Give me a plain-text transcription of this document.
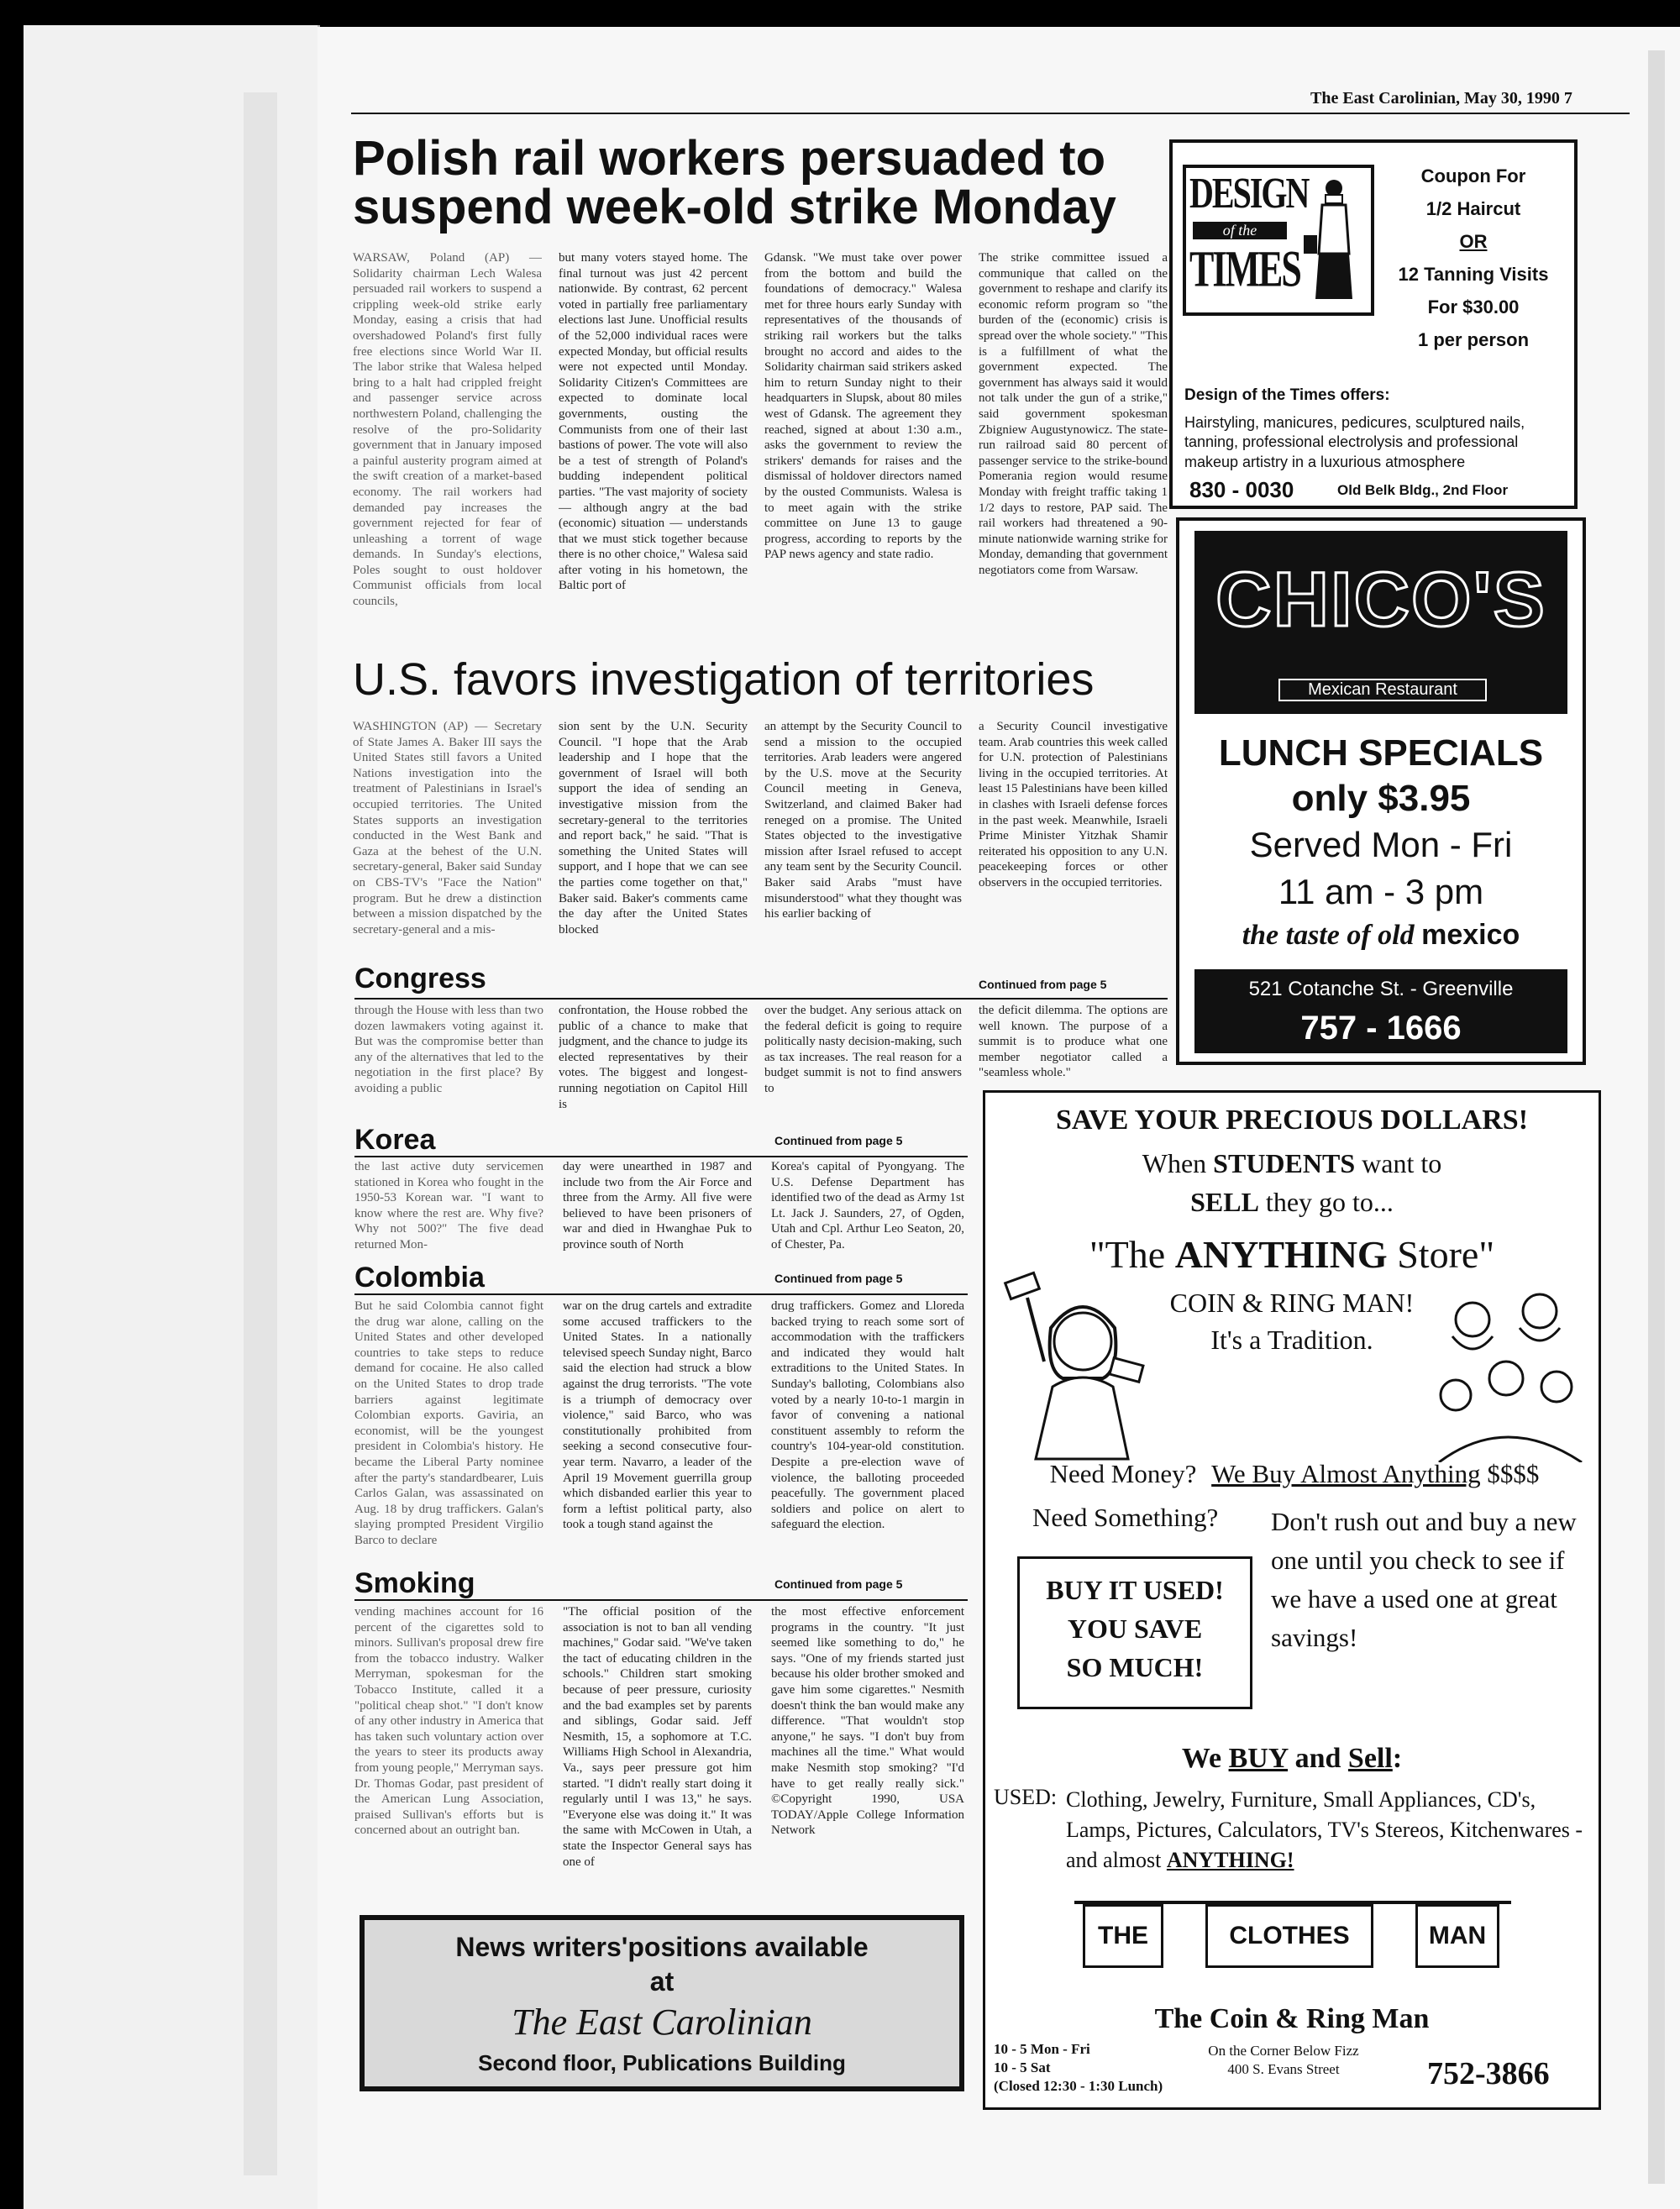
The East Carolinian, May 30, 1990 7
Polish rail workers persuaded to suspend week-old strike Monday
WARSAW, Poland (AP) — Solidarity chairman Lech Walesa persuaded rail workers to suspend a crippling week-old strike early Monday, easing a crisis that had overshadowed Poland's first fully free elections since World War II. The labor strike that Walesa helped bring to a halt had crippled freight and passenger service across northwestern Poland, challenging the resolve of the pro-Solidarity government that in January imposed a painful austerity program aimed at the swift creation of a market-based economy. The rail workers had demanded pay increases the government rejected for fear of unleashing a torrent of wage demands. In Sunday's elections, Poles sought to oust holdover Communist officials from local councils,
but many voters stayed home. The final turnout was just 42 percent nationwide. By contrast, 62 percent voted in partially free parliamentary elections last June. Unofficial results of the 52,000 individual races were expected Monday, but official results were not expected until Monday. Solidarity Citizen's Committees are expected to dominate local governments, ousting the Communists from one of their last bastions of power. The vote will also be a test of strength of Poland's budding independent political parties. "The vast majority of society — although angry at the bad (economic) situation — understands that we must stick together because there is no other choice," Walesa said after voting in his hometown, the Baltic port of
Gdansk. "We must take over power from the bottom and build the foundations of democracy." Walesa met for three hours early Sunday with representatives of the thousands of striking rail workers but the talks brought no accord and aides to the Solidarity chairman said strikers asked him to return Sunday night to their headquarters in Slupsk, about 80 miles west of Gdansk. The agreement they reached, signed at about 1:30 a.m., asks the government to review the strikers' demands for raises and the dismissal of holdover directors named by the ousted Communists. Walesa is to meet again with the strike committee on June 13 to gauge progress, according to reports by the PAP news agency and state radio.
The strike committee issued a communique that called on the government to reshape and clarify its economic reform program so "the burden of the (economic) crisis is spread over the whole society." "This is a fulfillment of what the government expected. The government has always said it would not talk under the gun of a strike," said government spokesman Zbigniew Augustynowicz. The state-run railroad said 80 percent of passenger service to the strike-bound Pomerania region would resume Monday with freight traffic taking 1 1/2 days to restore, PAP said. The rail workers had threatened a 90-minute nationwide warning strike for Monday, demanding that government negotiators come from Warsaw.
U.S. favors investigation of territories
WASHINGTON (AP) — Secretary of State James A. Baker III says the United States still favors a United Nations investigation into the treatment of Palestinians in Israel's occupied territories. The United States supports an investigation conducted in the West Bank and Gaza at the behest of the U.N. secretary-general, Baker said Sunday on CBS-TV's "Face the Nation" program. But he drew a distinction between a mission dispatched by the secretary-general and a mis-
sion sent by the U.N. Security Council. "I hope that the Arab leadership and I hope that the government of Israel will both support the idea of sending an investigative mission from the secretary-general to the territories and report back," he said. "That is something the United States will support, and I hope that we can see the parties come together on that," Baker said. Baker's comments came the day after the United States blocked
an attempt by the Security Council to send a mission to the occupied territories. Arab leaders were angered by the U.S. move at the Security Council meeting in Geneva, Switzerland, and claimed Baker had reneged on a promise. The United States objected to the investigative mission after Israel refused to accept any team sent by the Security Council. Baker said Arabs "must have misunderstood" what they thought was his earlier backing of
a Security Council investigative team. Arab countries this week called for U.N. protection of Palestinians living in the occupied territories. At least 15 Palestinians have been killed in clashes with Israeli defense forces in the past week. Meanwhile, Israeli Prime Minister Yitzhak Shamir reiterated his opposition to any U.N. peacekeeping forces or other observers in the occupied territories.
Congress	Continued from page 5
through the House with less than two dozen lawmakers voting against it. But was the compromise better than any of the alternatives that led to the negotiation in the first place? By avoiding a public
confrontation, the House robbed the public of a chance to make that judgment, and the chance to judge its elected representatives by their votes. The biggest and longest-running negotiation on Capitol Hill is
over the budget. Any serious attack on the federal deficit is going to require politically nasty decision-making, such as tax increases. The real reason for a budget summit is not to find answers to
the deficit dilemma. The options are well known. The purpose of a summit is to produce what one member negotiator called a "seamless whole."
Korea	Continued from page 5
the last active duty servicemen stationed in Korea who fought in the 1950-53 Korean war. "I want to know where the rest are. Why five? Why not 500?" The five dead returned Mon-
day were unearthed in 1987 and include two from the Air Force and three from the Army. All five were believed to have been prisoners of war and died in Hwanghae Puk to province south of North
Korea's capital of Pyongyang. The U.S. Defense Department has identified two of the dead as Army 1st Lt. Jack J. Saunders, 27, of Ogden, Utah and Cpl. Arthur Leo Seaton, 20, of Chester, Pa.
Colombia	Continued from page 5
But he said Colombia cannot fight the drug war alone, calling on the United States and other developed countries to take steps to reduce demand for cocaine. He also called on the United States to drop trade barriers against legitimate Colombian exports. Gaviria, an economist, will be the youngest president in Colombia's history. He became the Liberal Party nominee after the party's standardbearer, Luis Carlos Galan, was assassinated on Aug. 18 by drug traffickers. Galan's slaying prompted President Virgilio Barco to declare
war on the drug cartels and extradite some accused traffickers to the United States. In a nationally televised speech Sunday night, Barco said the election had struck a blow against the drug terrorists. "The vote is a triumph of democracy over violence," said Barco, who was constitutionally prohibited from seeking a second consecutive four-year term. Navarro, a leader of the April 19 Movement guerrilla group which disbanded earlier this year to form a leftist political party, also took a tough stand against the
drug traffickers. Gomez and Lloreda backed trying to reach some sort of accommodation with the traffickers and indicated they would halt extraditions to the United States. In Sunday's balloting, Colombians also voted by a nearly 10-to-1 margin in favor of convening a national constituent assembly to reform the country's 104-year-old constitution. Despite a pre-election wave of violence, the balloting proceeded peacefully. The government placed soldiers and police on alert to safeguard the election.
Smoking	Continued from page 5
vending machines account for 16 percent of the cigarettes sold to minors. Sullivan's proposal drew fire from the tobacco industry. Walker Merryman, spokesman for the Tobacco Institute, called it a "political cheap shot." "I don't know of any other industry in America that has taken such voluntary action over the years to steer its products away from young people," Merryman says. Dr. Thomas Godar, past president of the American Lung Association, praised Sullivan's efforts but is concerned about an outright ban.
"The official position of the association is not to ban all vending machines," Godar said. "We've taken the tact of educating children in the schools." Children start smoking because of peer pressure, curiosity and the bad examples set by parents and siblings, Godar said. Jeff Nesmith, 15, a sophomore at T.C. Williams High School in Alexandria, Va., says peer pressure got him started. "I didn't really start doing it regularly until I was 13," he says. "Everyone else was doing it." It was the same with McCowen in Utah, a state the Inspector General says has one of
the most effective enforcement programs in the country. "It just seemed like something to do," he says. "One of my friends started just because his older brother smoked and gave him some cigarettes." Nesmith doesn't think the ban would make any difference. "That wouldn't stop anyone," he says. "I don't buy from machines all the time." What would make Nesmith stop smoking? "I'd have to get really really sick." ©Copyright 1990, USA TODAY/Apple College Information Network
News writers'positions available
at
The East Carolinian
Second floor, Publications Building
DESIGN
of the
TIMES
Coupon For
1/2 Haircut
OR
12 Tanning Visits
For $30.00
1 per person
Design of the Times offers:
Hairstyling, manicures, pedicures, sculptured nails, tanning, professional electrolysis and professional makeup artistry in a luxurious atmosphere
830 - 0030	Old Belk Bldg., 2nd Floor
CHICO'S
Mexican Restaurant
LUNCH SPECIALS
only $3.95
Served Mon - Fri
11 am - 3 pm
the taste of old mexico
521 Cotanche St. - Greenville
757 - 1666
SAVE YOUR PRECIOUS DOLLARS!
When STUDENTS want to
SELL they go to...
"The ANYTHING Store"
COIN & RING MAN!
It's a Tradition.
Need Money? We Buy Almost Anything $$$$
Need Something? Don't rush out and buy a new one until you check to see if we have a used one at great savings!
BUY IT USED!
YOU SAVE
SO MUCH!
We BUY and Sell:
USED: Clothing, Jewelry, Furniture, Small Appliances, CD's, Lamps, Pictures, Calculators, TV's Stereos, Kitchenwares - and almost ANYTHING!
THE	CLOTHES	MAN
The Coin & Ring Man
10 - 5 Mon - Fri
10 - 5 Sat
(Closed 12:30 - 1:30 Lunch)
On the Corner Below Fizz
400 S. Evans Street	752-3866
